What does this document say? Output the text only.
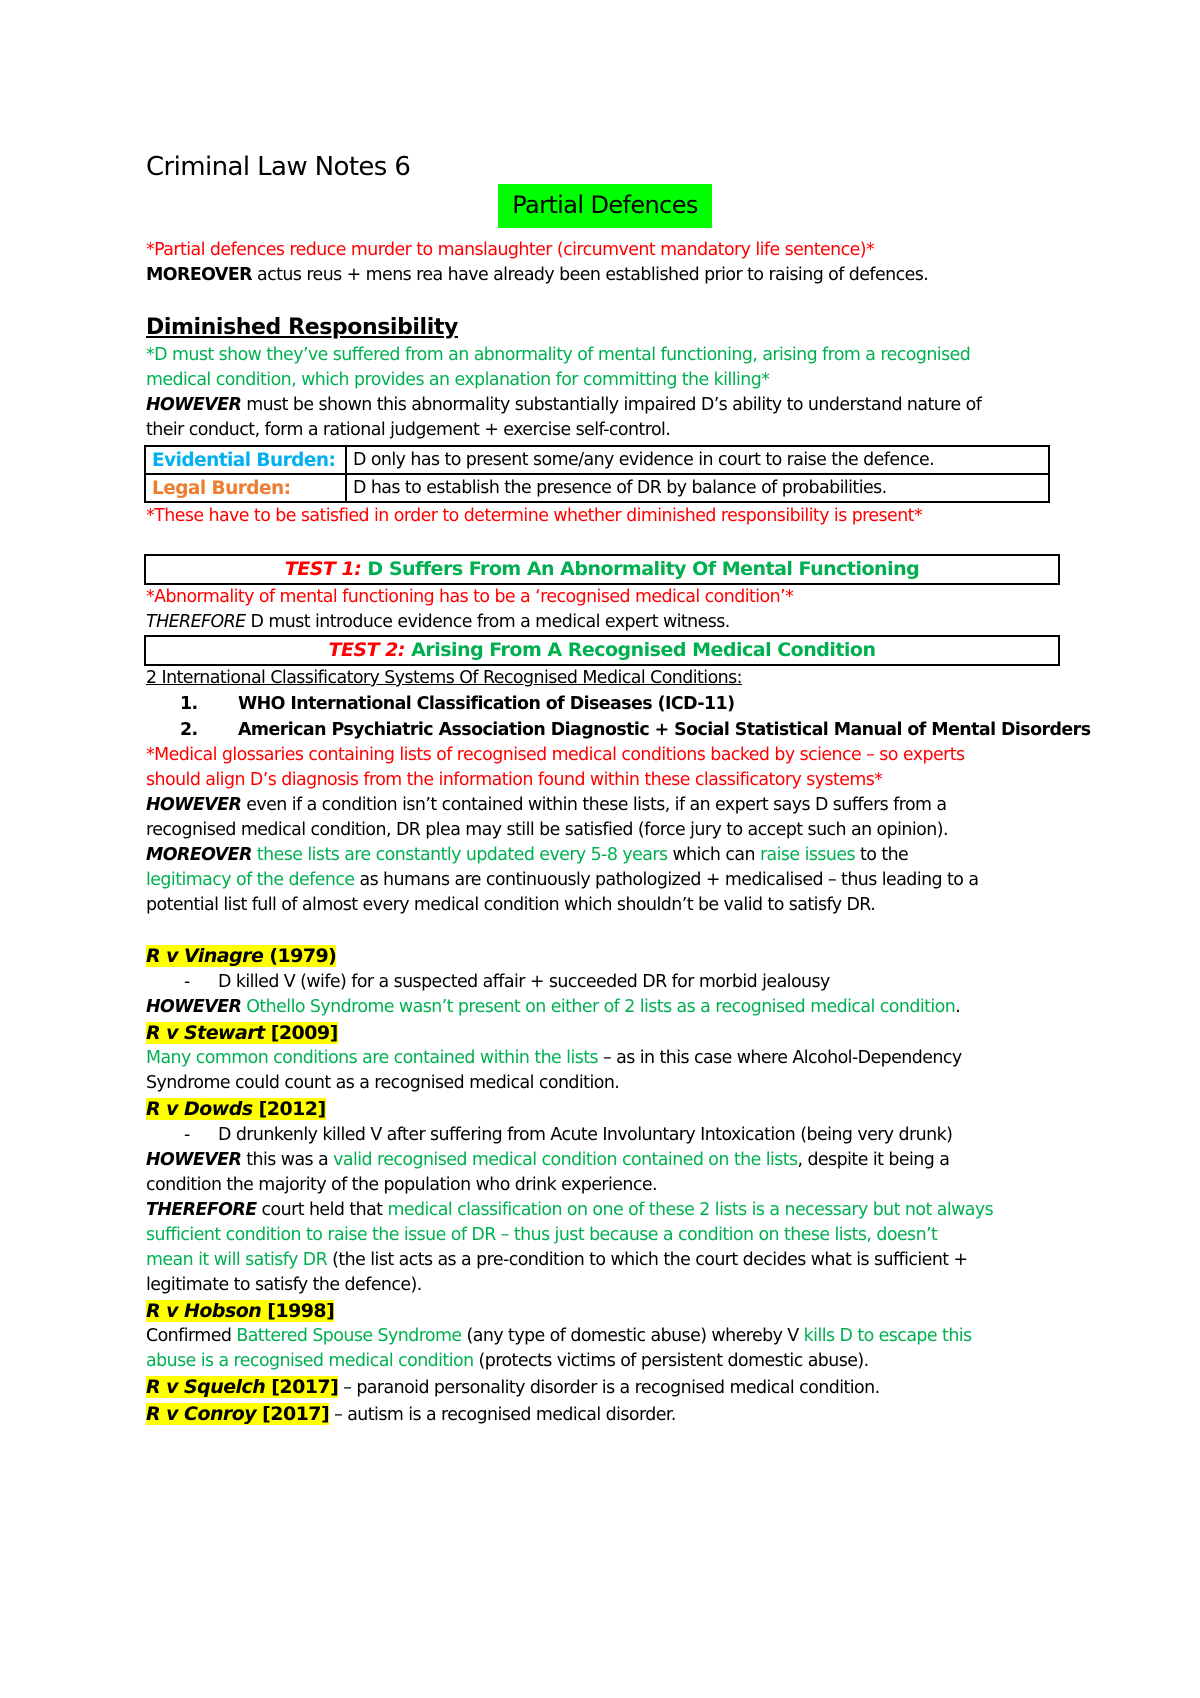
Criminal Law Notes 6
Partial Defences
*Partial defences reduce murder to manslaughter (circumvent mandatory life sentence)*
MOREOVER actus reus + mens rea have already been established prior to raising of defences.
Diminished Responsibility
*D must show they’ve suffered from an abnormality of mental functioning, arising from a recognised
medical condition, which provides an explanation for committing the killing*
HOWEVER must be shown this abnormality substantially impaired D’s ability to understand nature of
their conduct, form a rational judgement + exercise self-control.
Evidential Burden:	D only has to present some/any evidence in court to raise the defence.
Legal Burden:	D has to establish the presence of DR by balance of probabilities.
*These have to be satisfied in order to determine whether diminished responsibility is present*
TEST 1: D Suffers From An Abnormality Of Mental Functioning
*Abnormality of mental functioning has to be a ‘recognised medical condition’*
THEREFORE D must introduce evidence from a medical expert witness.
TEST 2: Arising From A Recognised Medical Condition
2 International Classificatory Systems Of Recognised Medical Conditions:
1. WHO International Classification of Diseases (ICD-11)
2. American Psychiatric Association Diagnostic + Social Statistical Manual of Mental Disorders
*Medical glossaries containing lists of recognised medical conditions backed by science – so experts
should align D’s diagnosis from the information found within these classificatory systems*
HOWEVER even if a condition isn’t contained within these lists, if an expert says D suffers from a
recognised medical condition, DR plea may still be satisfied (force jury to accept such an opinion).
MOREOVER these lists are constantly updated every 5-8 years which can raise issues to the
legitimacy of the defence as humans are continuously pathologized + medicalised – thus leading to a
potential list full of almost every medical condition which shouldn’t be valid to satisfy DR.
R v Vinagre (1979)
- D killed V (wife) for a suspected affair + succeeded DR for morbid jealousy
HOWEVER Othello Syndrome wasn’t present on either of 2 lists as a recognised medical condition.
R v Stewart [2009]
Many common conditions are contained within the lists – as in this case where Alcohol-Dependency
Syndrome could count as a recognised medical condition.
R v Dowds [2012]
- D drunkenly killed V after suffering from Acute Involuntary Intoxication (being very drunk)
HOWEVER this was a valid recognised medical condition contained on the lists, despite it being a
condition the majority of the population who drink experience.
THEREFORE court held that medical classification on one of these 2 lists is a necessary but not always
sufficient condition to raise the issue of DR – thus just because a condition on these lists, doesn’t
mean it will satisfy DR (the list acts as a pre-condition to which the court decides what is sufficient +
legitimate to satisfy the defence).
R v Hobson [1998]
Confirmed Battered Spouse Syndrome (any type of domestic abuse) whereby V kills D to escape this
abuse is a recognised medical condition (protects victims of persistent domestic abuse).
R v Squelch [2017] – paranoid personality disorder is a recognised medical condition.
R v Conroy [2017] – autism is a recognised medical disorder.
